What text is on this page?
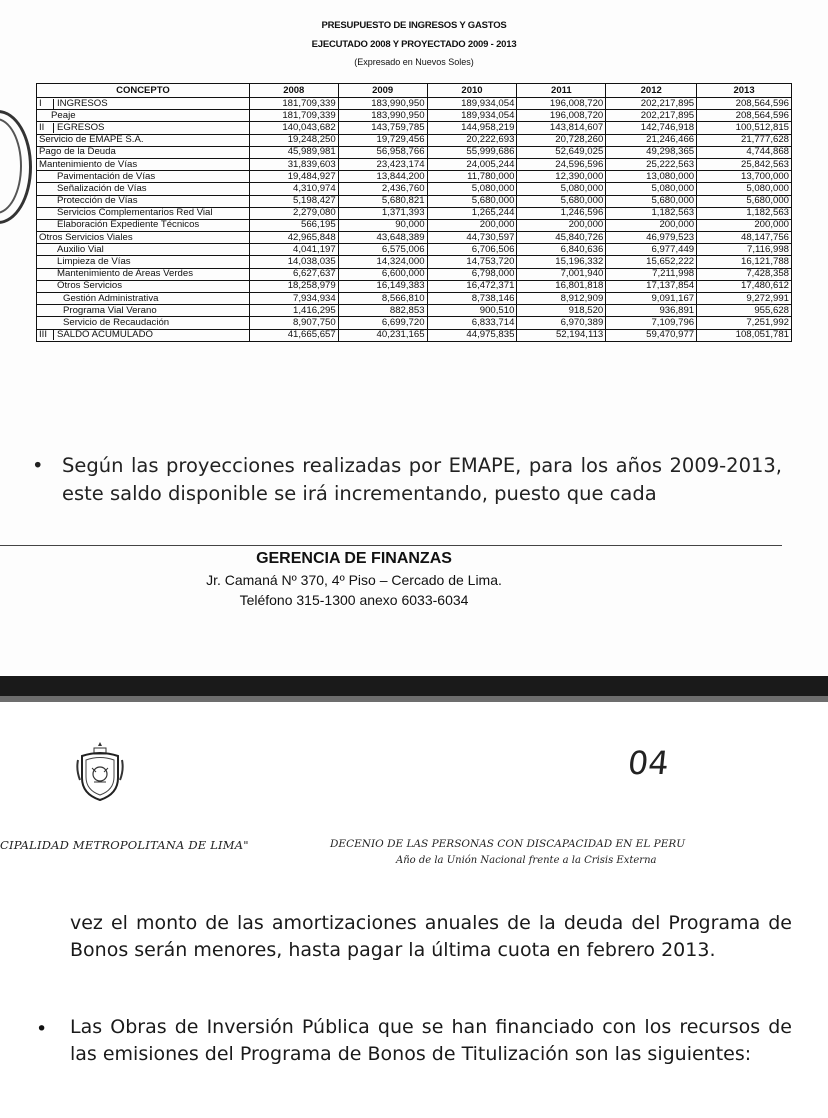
PRESUPUESTO DE INGRESOS Y GASTOS
EJECUTADO 2008 Y PROYECTADO 2009 - 2013
(Expresado en Nuevos Soles)
CONCEPTO	2008	2009	2010	2011	2012	2013
I INGRESOS	181,709,339	183,990,950	189,934,054	196,008,720	202,217,895	208,564,596
Peaje	181,709,339	183,990,950	189,934,054	196,008,720	202,217,895	208,564,596
II EGRESOS	140,043,682	143,759,785	144,958,219	143,814,607	142,746,918	100,512,815
Servicio de EMAPE S.A.	19,248,250	19,729,456	20,222,693	20,728,260	21,246,466	21,777,628
Pago de la Deuda	45,989,981	56,958,766	55,999,686	52,649,025	49,298,365	4,744,868
Mantenimiento de Vías	31,839,603	23,423,174	24,005,244	24,596,596	25,222,563	25,842,563
Pavimentación de Vías	19,484,927	13,844,200	11,780,000	12,390,000	13,080,000	13,700,000
Señalización de Vías	4,310,974	2,436,760	5,080,000	5,080,000	5,080,000	5,080,000
Protección de Vías	5,198,427	5,680,821	5,680,000	5,680,000	5,680,000	5,680,000
Servicios Complementarios Red Vial	2,279,080	1,371,393	1,265,244	1,246,596	1,182,563	1,182,563
Elaboración Expediente Técnicos	566,195	90,000	200,000	200,000	200,000	200,000
Otros Servicios Viales	42,965,848	43,648,389	44,730,597	45,840,726	46,979,523	48,147,756
Auxilio Vial	4,041,197	6,575,006	6,706,506	6,840,636	6,977,449	7,116,998
Limpieza de Vías	14,038,035	14,324,000	14,753,720	15,196,332	15,652,222	16,121,788
Mantenimiento de Areas Verdes	6,627,637	6,600,000	6,798,000	7,001,940	7,211,998	7,428,358
Otros Servicios	18,258,979	16,149,383	16,472,371	16,801,818	17,137,854	17,480,612
Gestión Administrativa	7,934,934	8,566,810	8,738,146	8,912,909	9,091,167	9,272,991
Programa Vial Verano	1,416,295	882,853	900,510	918,520	936,891	955,628
Servicio de Recaudación	8,907,750	6,699,720	6,833,714	6,970,389	7,109,796	7,251,992
III SALDO ACUMULADO	41,665,657	40,231,165	44,975,835	52,194,113	59,470,977	108,051,781
• Según las proyecciones realizadas por EMAPE, para los años 2009-2013, este saldo disponible se irá incrementando, puesto que cada
GERENCIA DE FINANZAS
Jr. Camaná Nº 370, 4º Piso – Cercado de Lima.
Teléfono 315-1300 anexo 6033-6034
04
CIPALIDAD METROPOLITANA DE LIMA"	DECENIO DE LAS PERSONAS CON DISCAPACIDAD EN EL PERU
Año de la Unión Nacional frente a la Crisis Externa
vez el monto de las amortizaciones anuales de la deuda del Programa de Bonos serán menores, hasta pagar la última cuota en febrero 2013.
• Las Obras de Inversión Pública que se han financiado con los recursos de las emisiones del Programa de Bonos de Titulización son las siguientes:
